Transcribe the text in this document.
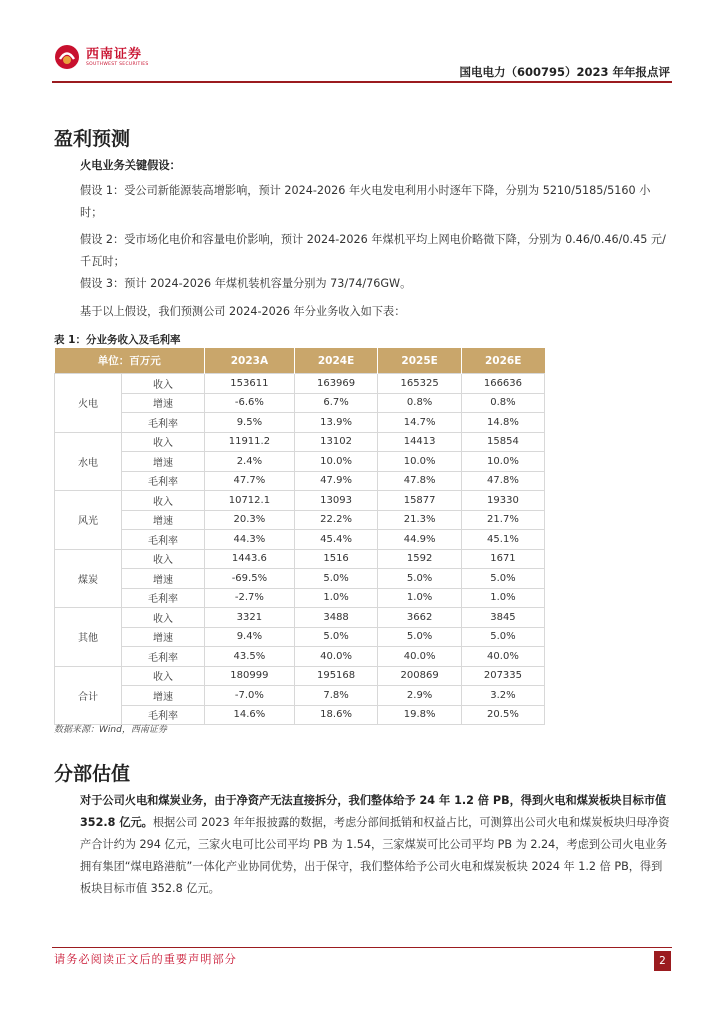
西南证券
SOUTHWEST SECURITIES
国电电力（600795）2023 年年报点评
盈利预测
火电业务关键假设：
假设 1：受公司新能源装高增影响，预计 2024-2026 年火电发电利用小时逐年下降，分别为 5210/5185/5160 小时；
假设 2：受市场化电价和容量电价影响，预计 2024-2026 年煤机平均上网电价略微下降，分别为 0.46/0.46/0.45 元/千瓦时；
假设 3：预计 2024-2026 年煤机装机容量分别为 73/74/76GW。
基于以上假设，我们预测公司 2024-2026 年分业务收入如下表：
表 1：分业务收入及毛利率
单位：百万元		2023A	2024E	2025E	2026E
火电	收入	153611	163969	165325	166636
	增速	-6.6%	6.7%	0.8%	0.8%
	毛利率	9.5%	13.9%	14.7%	14.8%
水电	收入	11911.2	13102	14413	15854
	增速	2.4%	10.0%	10.0%	10.0%
	毛利率	47.7%	47.9%	47.8%	47.8%
风光	收入	10712.1	13093	15877	19330
	增速	20.3%	22.2%	21.3%	21.7%
	毛利率	44.3%	45.4%	44.9%	45.1%
煤炭	收入	1443.6	1516	1592	1671
	增速	-69.5%	5.0%	5.0%	5.0%
	毛利率	-2.7%	1.0%	1.0%	1.0%
其他	收入	3321	3488	3662	3845
	增速	9.4%	5.0%	5.0%	5.0%
	毛利率	43.5%	40.0%	40.0%	40.0%
合计	收入	180999	195168	200869	207335
	增速	-7.0%	7.8%	2.9%	3.2%
	毛利率	14.6%	18.6%	19.8%	20.5%
数据来源：Wind，西南证券
分部估值
对于公司火电和煤炭业务，由于净资产无法直接拆分，我们整体给予 24 年 1.2 倍 PB，得到火电和煤炭板块目标市值 352.8 亿元。根据公司 2023 年年报披露的数据，考虑分部间抵销和权益占比，可测算出公司火电和煤炭板块归母净资产合计约为 294 亿元，三家火电可比公司平均 PB 为 1.54，三家煤炭可比公司平均 PB 为 2.24，考虑到公司火电业务拥有集团“煤电路港航”一体化产业协同优势，出于保守，我们整体给予公司火电和煤炭板块 2024 年 1.2 倍 PB，得到板块目标市值 352.8 亿元。
请务必阅读正文后的重要声明部分	2
